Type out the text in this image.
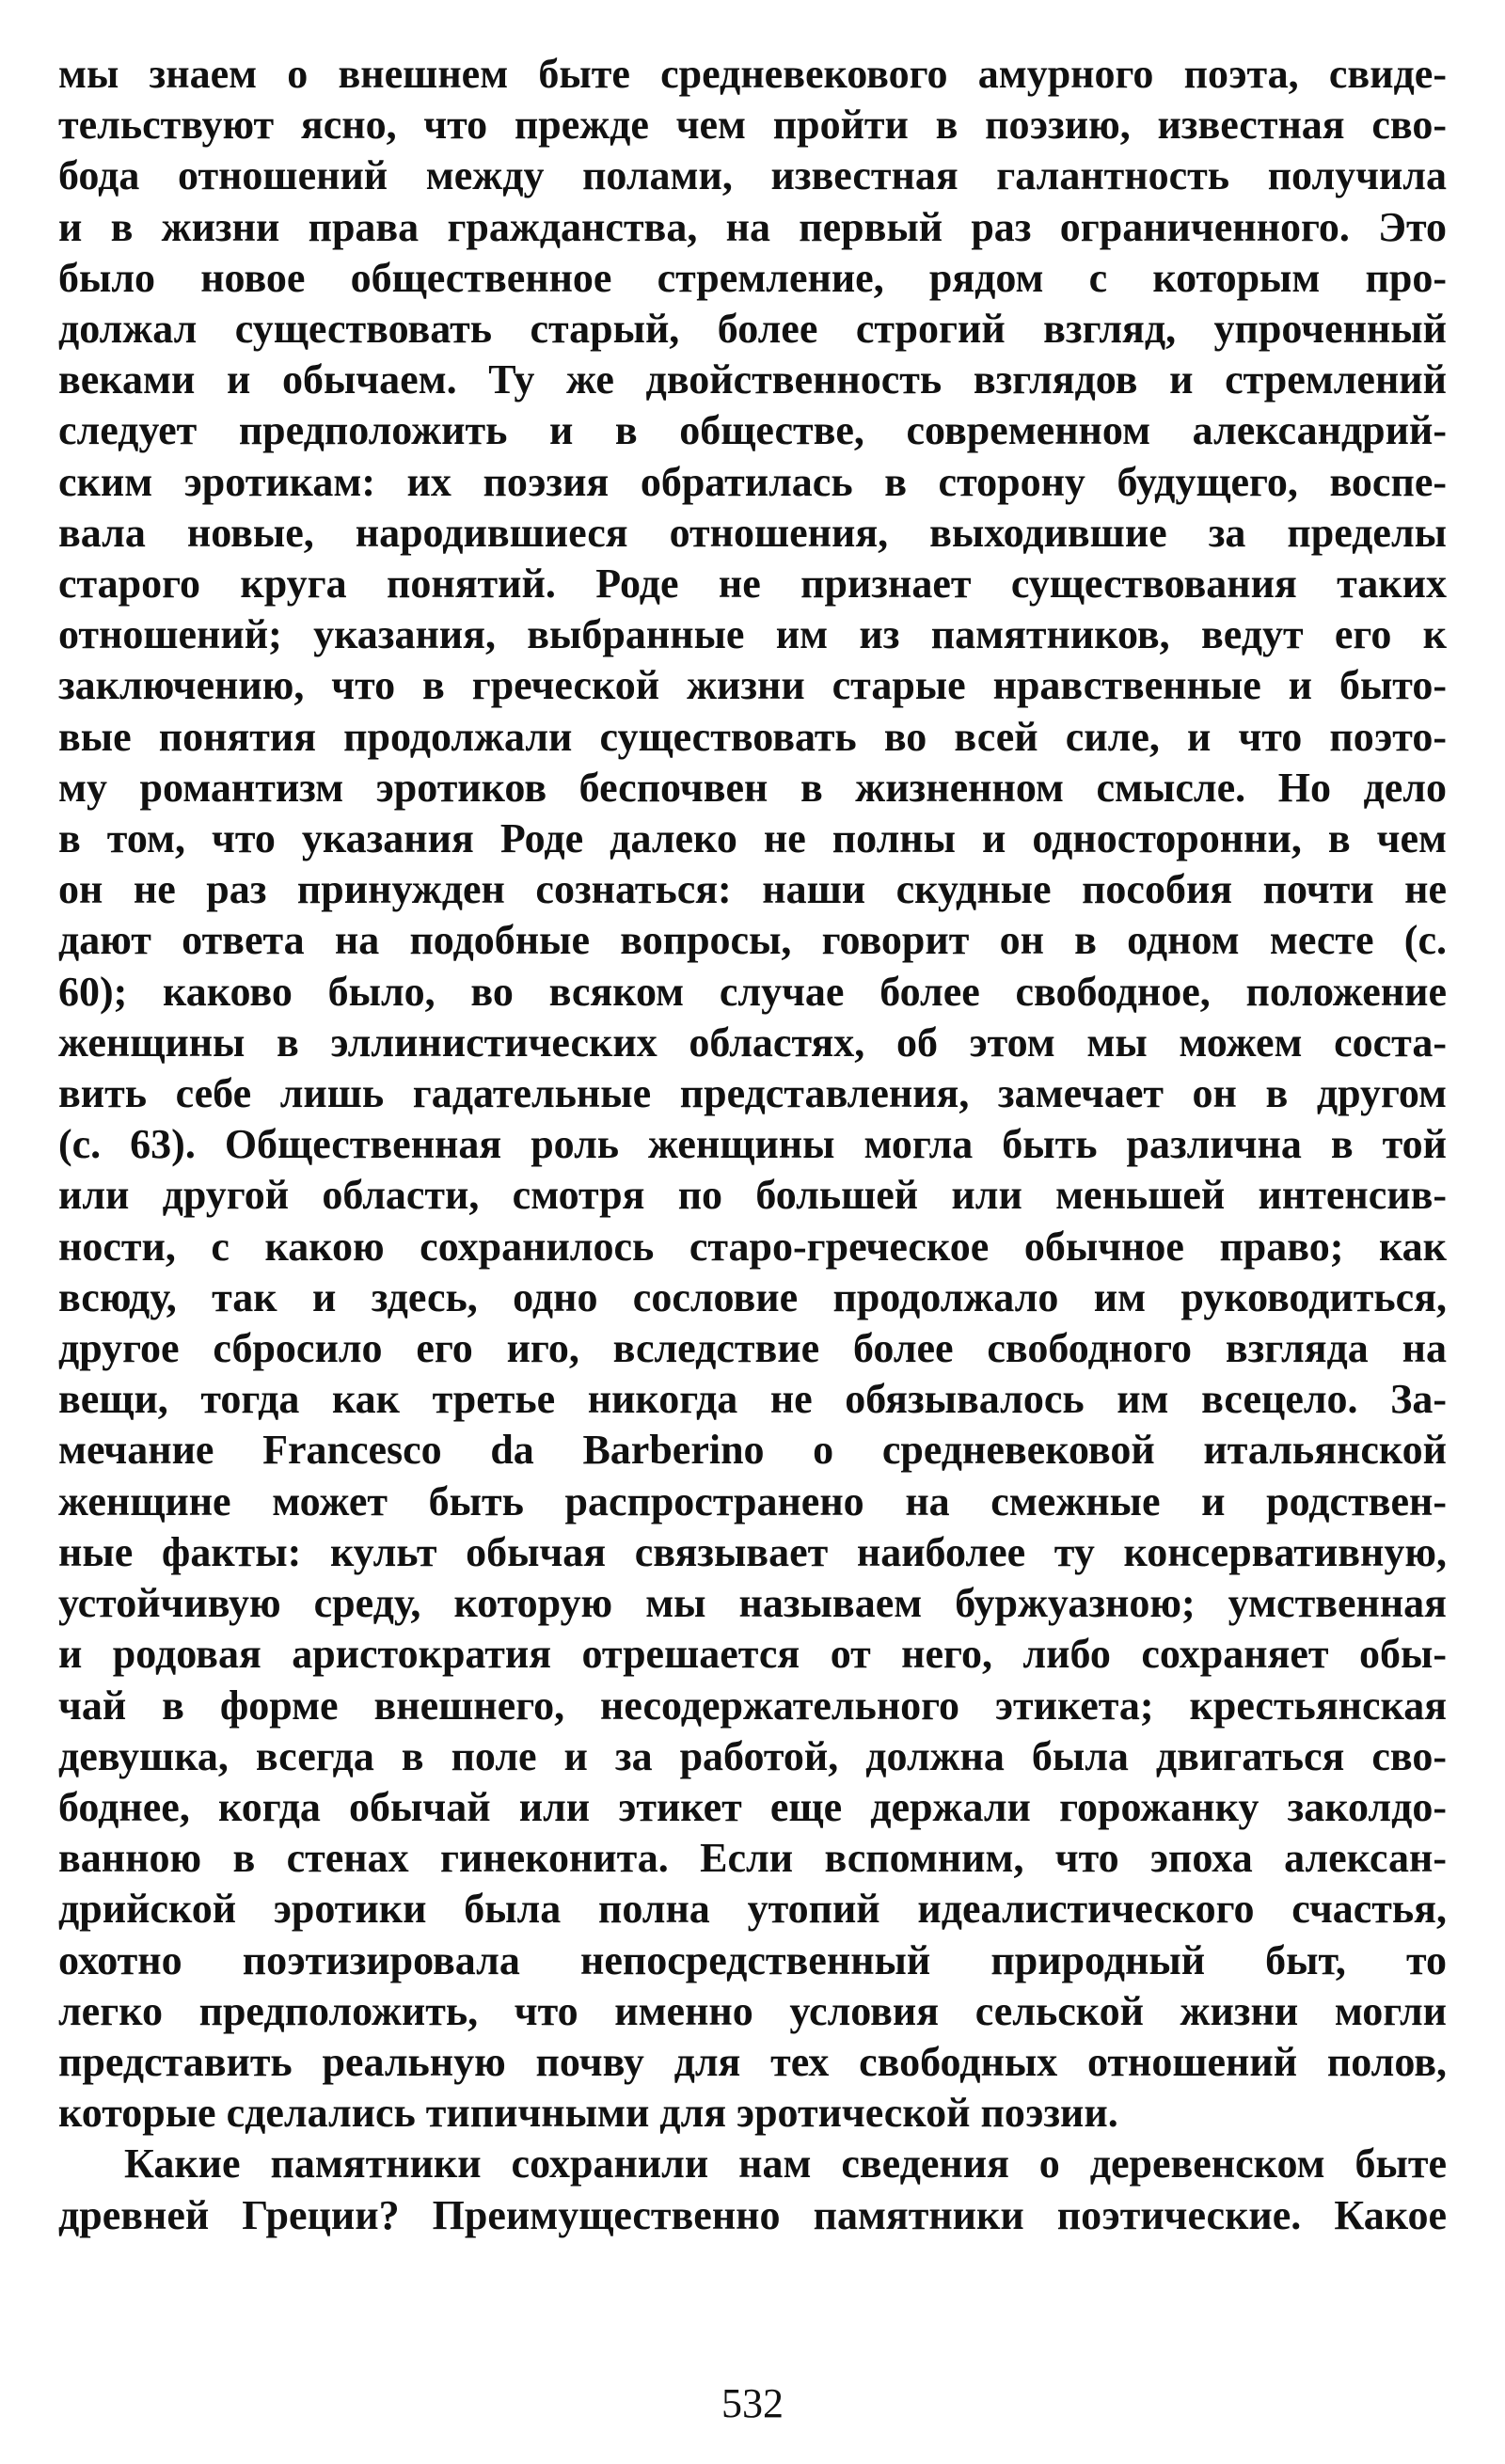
мы знаем о внешнем быте средневекового амурного поэта, свиде-
тельствуют ясно, что прежде чем пройти в поэзию, известная сво-
бода отношений между полами, известная галантность получила
и в жизни права гражданства, на первый раз ограниченного. Это
было новое общественное стремление, рядом с которым про-
должал существовать старый, более строгий взгляд, упроченный
веками и обычаем. Ту же двойственность взглядов и стремлений
следует предположить и в обществе, современном александрий-
ским эротикам: их поэзия обратилась в сторону будущего, воспе-
вала новые, народившиеся отношения, выходившие за пределы
старого круга понятий. Роде не признает существования таких
отношений; указания, выбранные им из памятников, ведут его к
заключению, что в греческой жизни старые нравственные и быто-
вые понятия продолжали существовать во всей силе, и что поэто-
му романтизм эротиков беспочвен в жизненном смысле. Но дело
в том, что указания Роде далеко не полны и односторонни, в чем
он не раз принужден сознаться: наши скудные пособия почти не
дают ответа на подобные вопросы, говорит он в одном месте (с.
60); каково было, во всяком случае более свободное, положение
женщины в эллинистических областях, об этом мы можем соста-
вить себе лишь гадательные представления, замечает он в другом
(с. 63). Общественная роль женщины могла быть различна в той
или другой области, смотря по большей или меньшей интенсив-
ности, с какою сохранилось старо-греческое обычное право; как
всюду, так и здесь, одно сословие продолжало им руководиться,
другое сбросило его иго, вследствие более свободного взгляда на
вещи, тогда как третье никогда не обязывалось им всецело. За-
мечание Francesco da Barberino о средневековой итальянской
женщине может быть распространено на смежные и родствен-
ные факты: культ обычая связывает наиболее ту консервативную,
устойчивую среду, которую мы называем буржуазною; умственная
и родовая аристократия отрешается от него, либо сохраняет обы-
чай в форме внешнего, несодержательного этикета; крестьянская
девушка, всегда в поле и за работой, должна была двигаться сво-
боднее, когда обычай или этикет еще держали горожанку заколдо-
ванною в стенах гинеконита. Если вспомним, что эпоха алексан-
дрийской эротики была полна утопий идеалистического счастья,
охотно поэтизировала непосредственный природный быт, то
легко предположить, что именно условия сельской жизни могли
представить реальную почву для тех свободных отношений полов,
которые сделались типичными для эротической поэзии.

Какие памятники сохранили нам сведения о деревенском быте
древней Греции? Преимущественно памятники поэтические. Какое

532
